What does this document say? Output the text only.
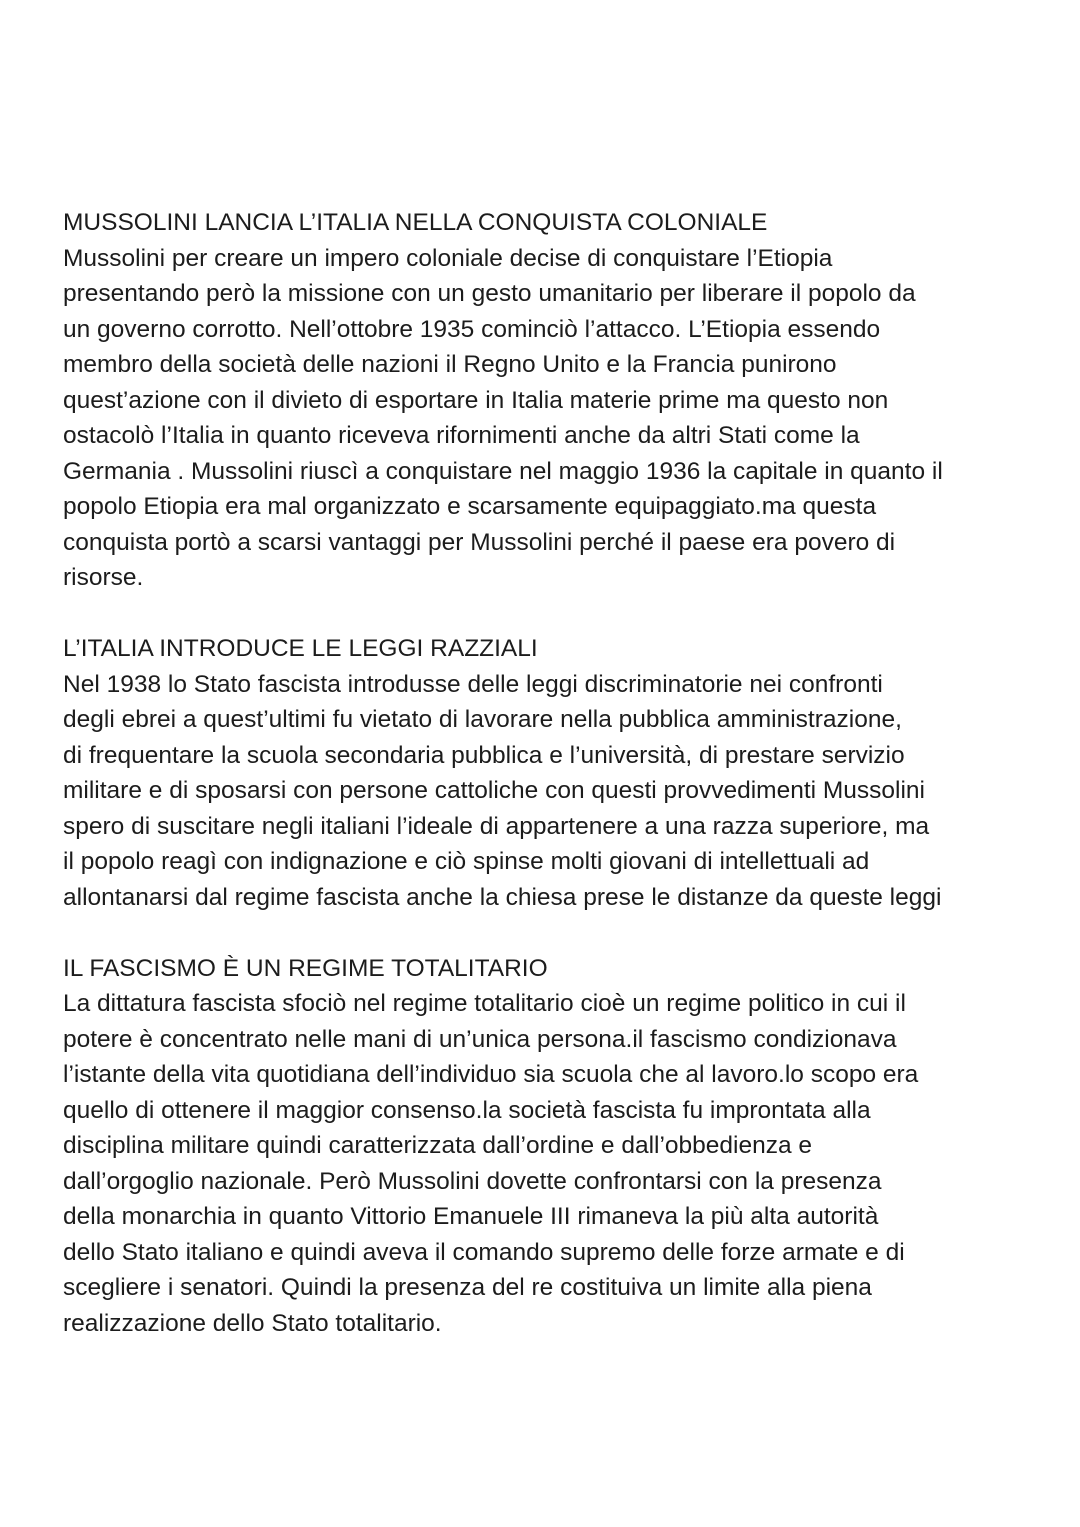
MUSSOLINI LANCIA L’ITALIA NELLA CONQUISTA COLONIALE
Mussolini per creare un impero coloniale decise di conquistare l’Etiopia
presentando però la missione con un gesto umanitario per liberare il popolo da
un governo corrotto. Nell’ottobre 1935 cominciò l’attacco. L’Etiopia essendo
membro della società delle nazioni il Regno Unito e la Francia punirono
quest’azione con il divieto di esportare in Italia materie prime ma questo non
ostacolò l’Italia in quanto riceveva rifornimenti anche da altri Stati come la
Germania . Mussolini riuscì a conquistare nel maggio 1936 la capitale in quanto il
popolo Etiopia era mal organizzato e scarsamente equipaggiato.ma questa
conquista portò a scarsi vantaggi per Mussolini perché il paese era povero di
risorse.
L’ITALIA INTRODUCE LE LEGGI RAZZIALI
Nel 1938 lo Stato fascista introdusse delle leggi discriminatorie nei confronti
degli ebrei a quest’ultimi fu vietato di lavorare nella pubblica amministrazione,
di frequentare la scuola secondaria pubblica e l’università, di prestare servizio
militare e di sposarsi con persone cattoliche con questi provvedimenti Mussolini
spero di suscitare negli italiani l’ideale di appartenere a una razza superiore, ma
il popolo reagì con indignazione e ciò spinse molti giovani di intellettuali ad
allontanarsi dal regime fascista anche la chiesa prese le distanze da queste leggi
IL FASCISMO È UN REGIME TOTALITARIO
La dittatura fascista sfociò nel regime totalitario cioè un regime politico in cui il
potere è concentrato nelle mani di un’unica persona.il fascismo condizionava
l’istante della vita quotidiana dell’individuo sia scuola che al lavoro.lo scopo era
quello di ottenere il maggior consenso.la società fascista fu improntata alla
disciplina militare quindi caratterizzata dall’ordine e dall’obbedienza e
dall’orgoglio nazionale. Però Mussolini dovette confrontarsi con la presenza
della monarchia in quanto Vittorio Emanuele III rimaneva la più alta autorità
dello Stato italiano e quindi aveva il comando supremo delle forze armate e di
scegliere i senatori. Quindi la presenza del re costituiva un limite alla piena
realizzazione dello Stato totalitario.
